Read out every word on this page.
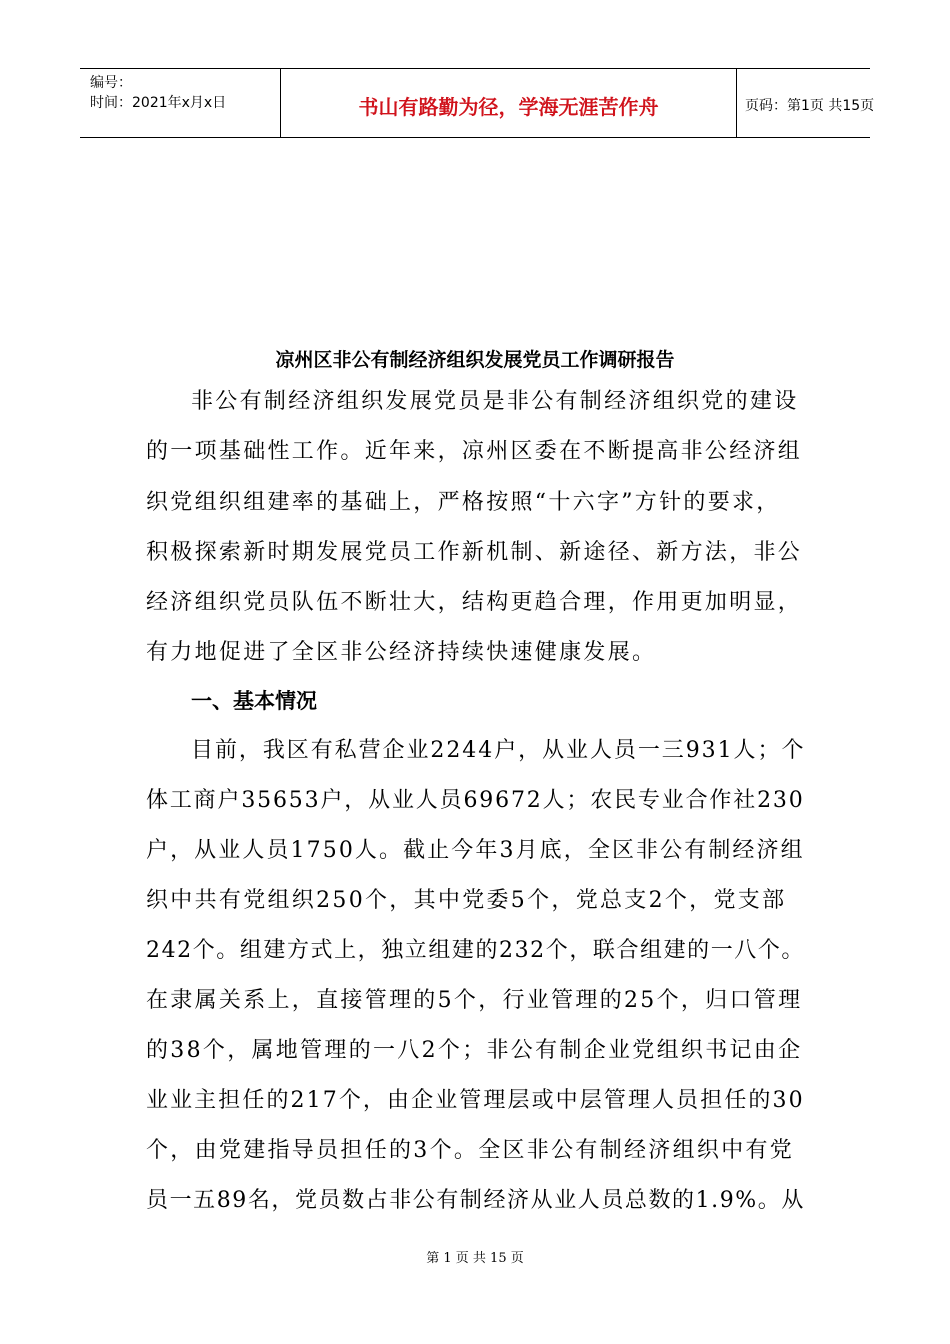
编号：
时间：2021年x月x日	书山有路勤为径，学海无涯苦作舟	页码：第1页 共15页
凉州区非公有制经济组织发展党员工作调研报告
非公有制经济组织发展党员是非公有制经济组织党的建设
的一项基础性工作。近年来，凉州区委在不断提高非公经济组
织党组织组建率的基础上，严格按照“十六字”方针的要求，
积极探索新时期发展党员工作新机制、新途径、新方法，非公
经济组织党员队伍不断壮大，结构更趋合理，作用更加明显，
有力地促进了全区非公经济持续快速健康发展。
一、基本情况
目前，我区有私营企业2244户，从业人员一三931人；个
体工商户35653户，从业人员69672人；农民专业合作社230
户，从业人员1750人。截止今年3月底，全区非公有制经济组
织中共有党组织250个，其中党委5个，党总支2个，党支部
242个。组建方式上，独立组建的232个，联合组建的一八个。
在隶属关系上，直接管理的5个，行业管理的25个，归口管理
的38个，属地管理的一八2个；非公有制企业党组织书记由企
业业主担任的217个，由企业管理层或中层管理人员担任的30
个，由党建指导员担任的3个。全区非公有制经济组织中有党
员一五89名，党员数占非公有制经济从业人员总数的1.9%。从
第 1 页 共 15 页
